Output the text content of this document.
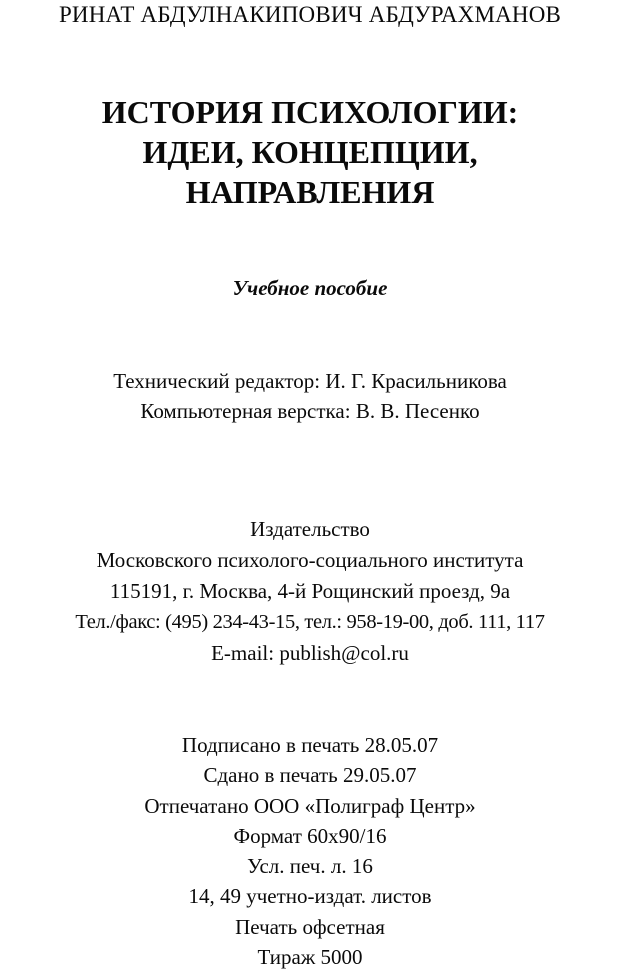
РИНАТ АБДУЛНАКИПОВИЧ АБДУРАХМАНОВ
ИСТОРИЯ ПСИХОЛОГИИ:
ИДЕИ, КОНЦЕПЦИИ,
НАПРАВЛЕНИЯ
Учебное пособие
Технический редактор: И. Г. Красильникова
Компьютерная верстка: В. В. Песенко
Издательство
Московского психолого-социального института
115191, г. Москва, 4-й Рощинский проезд, 9а
Тел./факс: (495) 234-43-15, тел.: 958-19-00, доб. 111, 117
E-mail: publish@col.ru
Подписано в печать 28.05.07
Сдано в печать 29.05.07
Отпечатано ООО «Полиграф Центр»
Формат 60х90/16
Усл. печ. л. 16
14, 49 учетно-издат. листов
Печать офсетная
Тираж 5000
